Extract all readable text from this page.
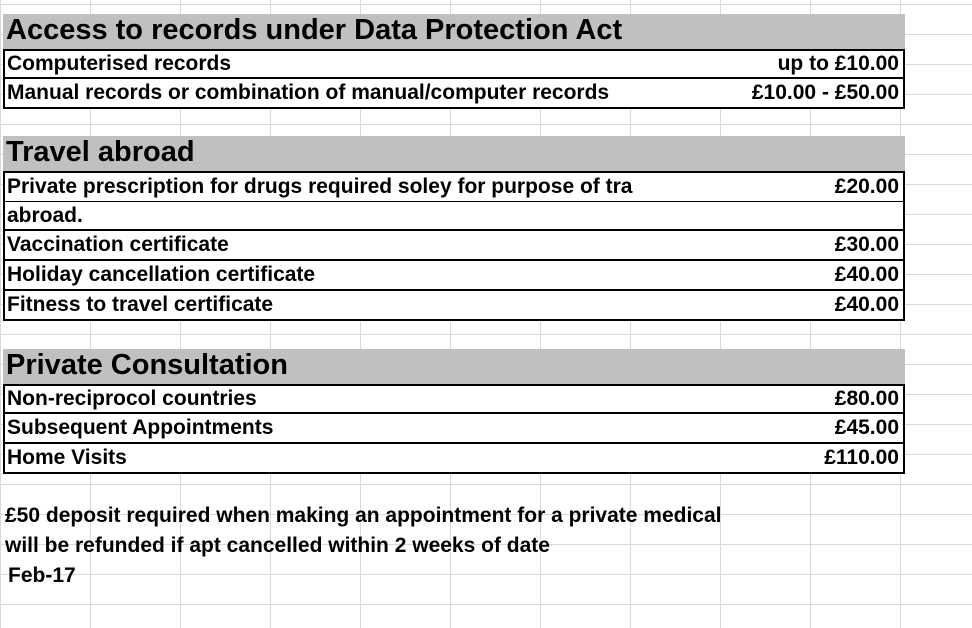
Access to records under Data Protection Act
Computerised records	up to £10.00
Manual records or combination of manual/computer records	£10.00 - £50.00
Travel abroad
Private prescription for drugs required soley for purpose of tra	£20.00
abroad.
Vaccination certificate	£30.00
Holiday cancellation certificate	£40.00
Fitness to travel certificate	£40.00
Private Consultation
Non-reciprocol countries	£80.00
Subsequent Appointments	£45.00
Home Visits	£110.00
£50 deposit required when making an appointment for a private medical
will be refunded if apt cancelled within 2 weeks of date
Feb-17
